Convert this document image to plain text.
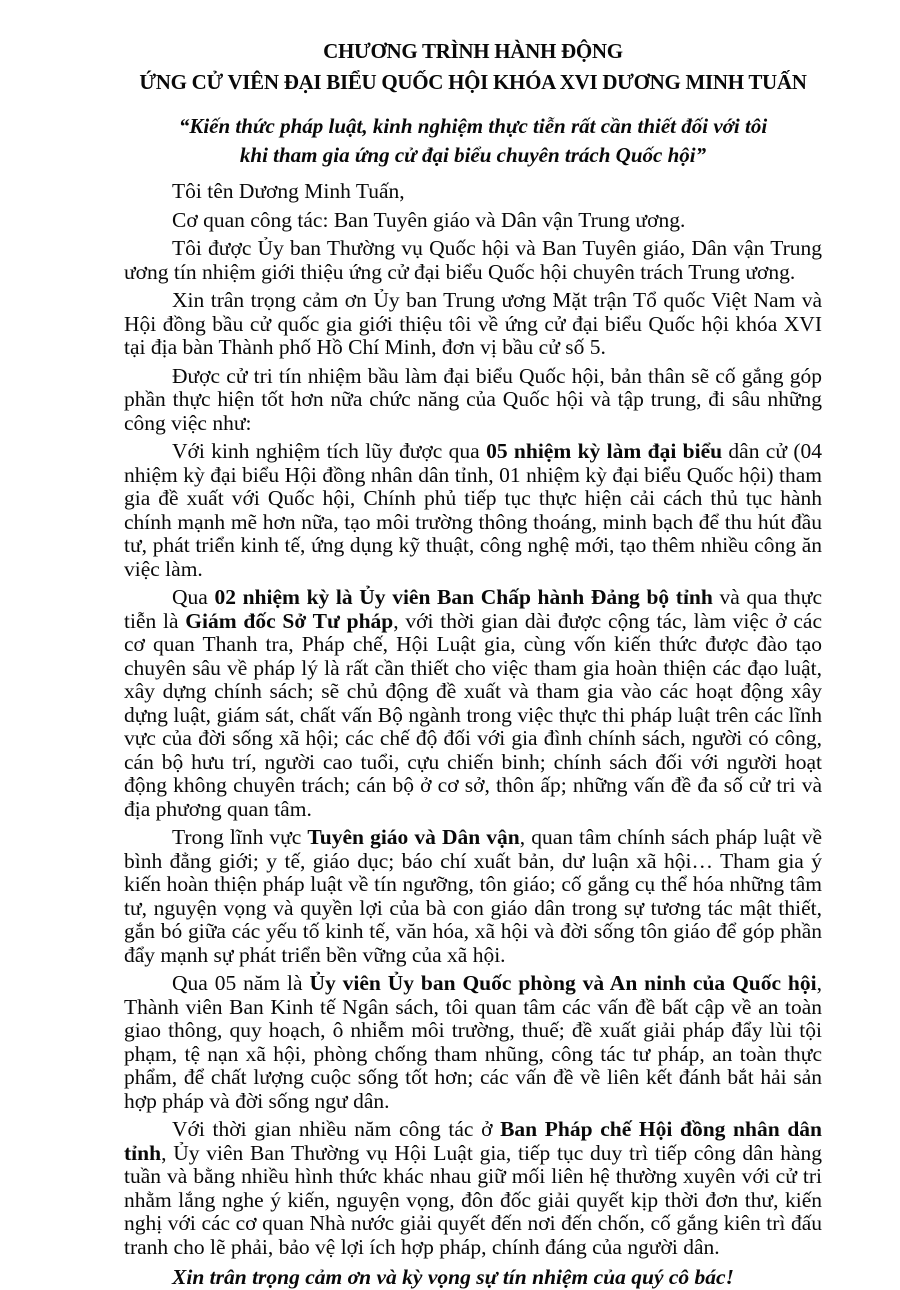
CHƯƠNG TRÌNH HÀNH ĐỘNG
ỨNG CỬ VIÊN ĐẠI BIỂU QUỐC HỘI KHÓA XVI DƯƠNG MINH TUẤN
“Kiến thức pháp luật, kinh nghiệm thực tiễn rất cần thiết đối với tôi
khi tham gia ứng cử đại biểu chuyên trách Quốc hội”

Tôi tên Dương Minh Tuấn,

Cơ quan công tác: Ban Tuyên giáo và Dân vận Trung ương.

Tôi được Ủy ban Thường vụ Quốc hội và Ban Tuyên giáo, Dân vận Trung ương tín nhiệm giới thiệu ứng cử đại biểu Quốc hội chuyên trách Trung ương.

Xin trân trọng cảm ơn Ủy ban Trung ương Mặt trận Tổ quốc Việt Nam và Hội đồng bầu cử quốc gia giới thiệu tôi về ứng cử đại biểu Quốc hội khóa XVI tại địa bàn Thành phố Hồ Chí Minh, đơn vị bầu cử số 5.

Được cử tri tín nhiệm bầu làm đại biểu Quốc hội, bản thân sẽ cố gắng góp phần thực hiện tốt hơn nữa chức năng của Quốc hội và tập trung, đi sâu những công việc như:

Với kinh nghiệm tích lũy được qua 05 nhiệm kỳ làm đại biểu dân cử (04 nhiệm kỳ đại biểu Hội đồng nhân dân tỉnh, 01 nhiệm kỳ đại biểu Quốc hội) tham gia đề xuất với Quốc hội, Chính phủ tiếp tục thực hiện cải cách thủ tục hành chính mạnh mẽ hơn nữa, tạo môi trường thông thoáng, minh bạch để thu hút đầu tư, phát triển kinh tế, ứng dụng kỹ thuật, công nghệ mới, tạo thêm nhiều công ăn việc làm.

Qua 02 nhiệm kỳ là Ủy viên Ban Chấp hành Đảng bộ tỉnh và qua thực tiễn là Giám đốc Sở Tư pháp, với thời gian dài được cộng tác, làm việc ở các cơ quan Thanh tra, Pháp chế, Hội Luật gia, cùng vốn kiến thức được đào tạo chuyên sâu về pháp lý là rất cần thiết cho việc tham gia hoàn thiện các đạo luật, xây dựng chính sách; sẽ chủ động đề xuất và tham gia vào các hoạt động xây dựng luật, giám sát, chất vấn Bộ ngành trong việc thực thi pháp luật trên các lĩnh vực của đời sống xã hội; các chế độ đối với gia đình chính sách, người có công, cán bộ hưu trí, người cao tuổi, cựu chiến binh; chính sách đối với người hoạt động không chuyên trách; cán bộ ở cơ sở, thôn ấp; những vấn đề đa số cử tri và địa phương quan tâm.

Trong lĩnh vực Tuyên giáo và Dân vận, quan tâm chính sách pháp luật về bình đẳng giới; y tế, giáo dục; báo chí xuất bản, dư luận xã hội… Tham gia ý kiến hoàn thiện pháp luật về tín ngưỡng, tôn giáo; cố gắng cụ thể hóa những tâm tư, nguyện vọng và quyền lợi của bà con giáo dân trong sự tương tác mật thiết, gắn bó giữa các yếu tố kinh tế, văn hóa, xã hội và đời sống tôn giáo để góp phần đẩy mạnh sự phát triển bền vững của xã hội.

Qua 05 năm là Ủy viên Ủy ban Quốc phòng và An ninh của Quốc hội, Thành viên Ban Kinh tế Ngân sách, tôi quan tâm các vấn đề bất cập về an toàn giao thông, quy hoạch, ô nhiễm môi trường, thuế; đề xuất giải pháp đẩy lùi tội phạm, tệ nạn xã hội, phòng chống tham nhũng, công tác tư pháp, an toàn thực phẩm, để chất lượng cuộc sống tốt hơn; các vấn đề về liên kết đánh bắt hải sản hợp pháp và đời sống ngư dân.

Với thời gian nhiều năm công tác ở Ban Pháp chế Hội đồng nhân dân tỉnh, Ủy viên Ban Thường vụ Hội Luật gia, tiếp tục duy trì tiếp công dân hàng tuần và bằng nhiều hình thức khác nhau giữ mối liên hệ thường xuyên với cử tri nhằm lắng nghe ý kiến, nguyện vọng, đôn đốc giải quyết kịp thời đơn thư, kiến nghị với các cơ quan Nhà nước giải quyết đến nơi đến chốn, cố gắng kiên trì đấu tranh cho lẽ phải, bảo vệ lợi ích hợp pháp, chính đáng của người dân.

Xin trân trọng cảm ơn và kỳ vọng sự tín nhiệm của quý cô bác!
